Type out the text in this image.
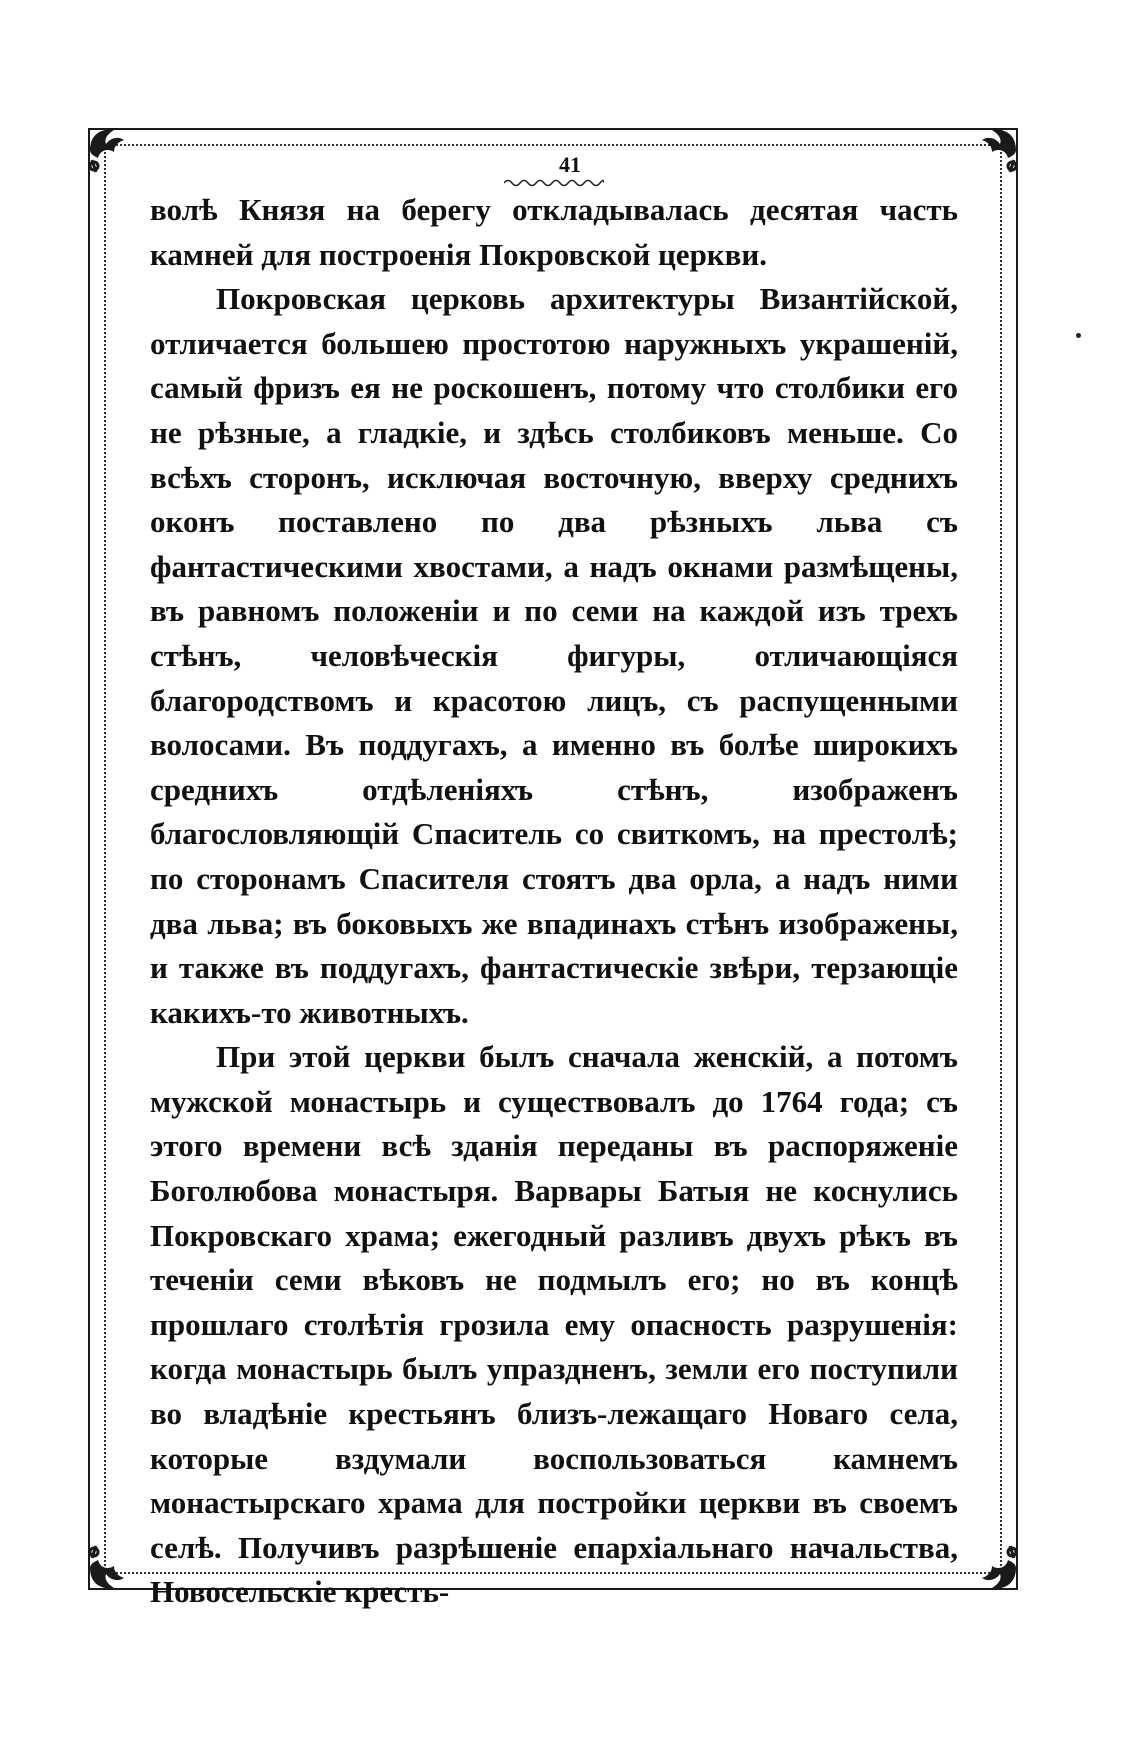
41

волѣ Князя на берегу откладывалась десятая часть камней для построенія Покровской церкви.

Покровская церковь архитектуры Византійской, отличается большею простотою наружныхъ украшеній, самый фризъ ея не роскошенъ, потому что столбики его не рѣзные, а гладкіе, и здѣсь столбиковъ меньше. Со всѣхъ сторонъ, исключая восточную, вверху среднихъ оконъ поставлено по два рѣзныхъ льва съ фантастическими хвостами, а надъ окнами размѣщены, въ равномъ положеніи и по семи на каждой изъ трехъ стѣнъ, человѣческія фигуры, отличающіяся благородствомъ и красотою лицъ, съ распущенными волосами. Въ поддугахъ, а именно въ болѣе широкихъ среднихъ отдѣленіяхъ стѣнъ, изображенъ благословляющій Спаситель со свиткомъ, на престолѣ; по сторонамъ Спасителя стоятъ два орла, а надъ ними два льва; въ боковыхъ же впадинахъ стѣнъ изображены, и также въ поддугахъ, фантастическіе звѣри, терзающіе какихъ-то животныхъ.

При этой церкви былъ сначала женскій, а потомъ мужской монастырь и существовалъ до 1764 года; съ этого времени всѣ зданія переданы въ распоряженіе Боголюбова монастыря. Варвары Батыя не коснулись Покровскаго храма; ежегодный разливъ двухъ рѣкъ въ теченіи семи вѣковъ не подмылъ его; но въ концѣ прошлаго столѣтія грозила ему опасность разрушенія: когда монастырь былъ упраздненъ, земли его поступили во владѣніе крестьянъ близъ-лежащаго Новаго села, которые вздумали воспользоваться камнемъ монастырскаго храма для постройки церкви въ своемъ селѣ. Получивъ разрѣшеніе епархіальнаго начальства, Новосельскіе кресть-
